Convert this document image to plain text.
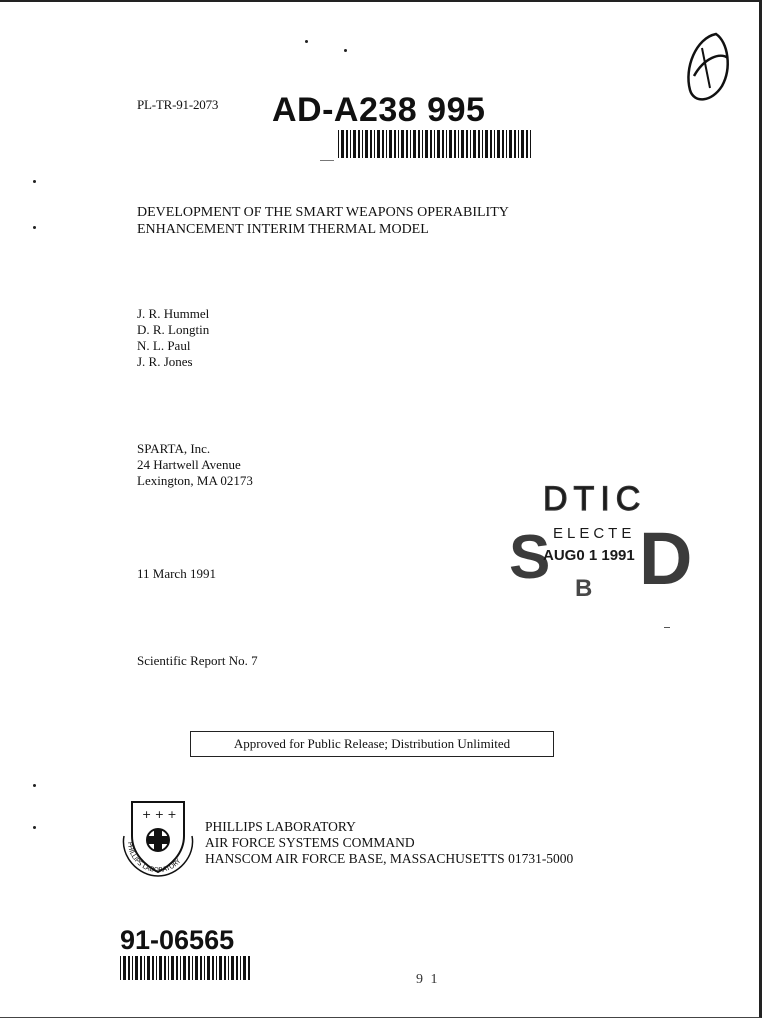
PL-TR-91-2073 AD-A238 995
DEVELOPMENT OF THE SMART WEAPONS OPERABILITY
ENHANCEMENT INTERIM THERMAL MODEL
J. R. Hummel
D. R. Longtin
N. L. Paul
J. R. Jones
SPARTA, Inc.
24 Hartwell Avenue
Lexington, MA 02173	DTIC
ELECTE
AUG0 1 1991
S D
B
11 March 1991
Scientific Report No. 7
Approved for Public Release; Distribution Unlimited
+ + +
PHILLIPS LABORATORY
PHILLIPS LABORATORY
AIR FORCE SYSTEMS COMMAND
HANSCOM AIR FORCE BASE, MASSACHUSETTS 01731-5000
91-06565
9 1
